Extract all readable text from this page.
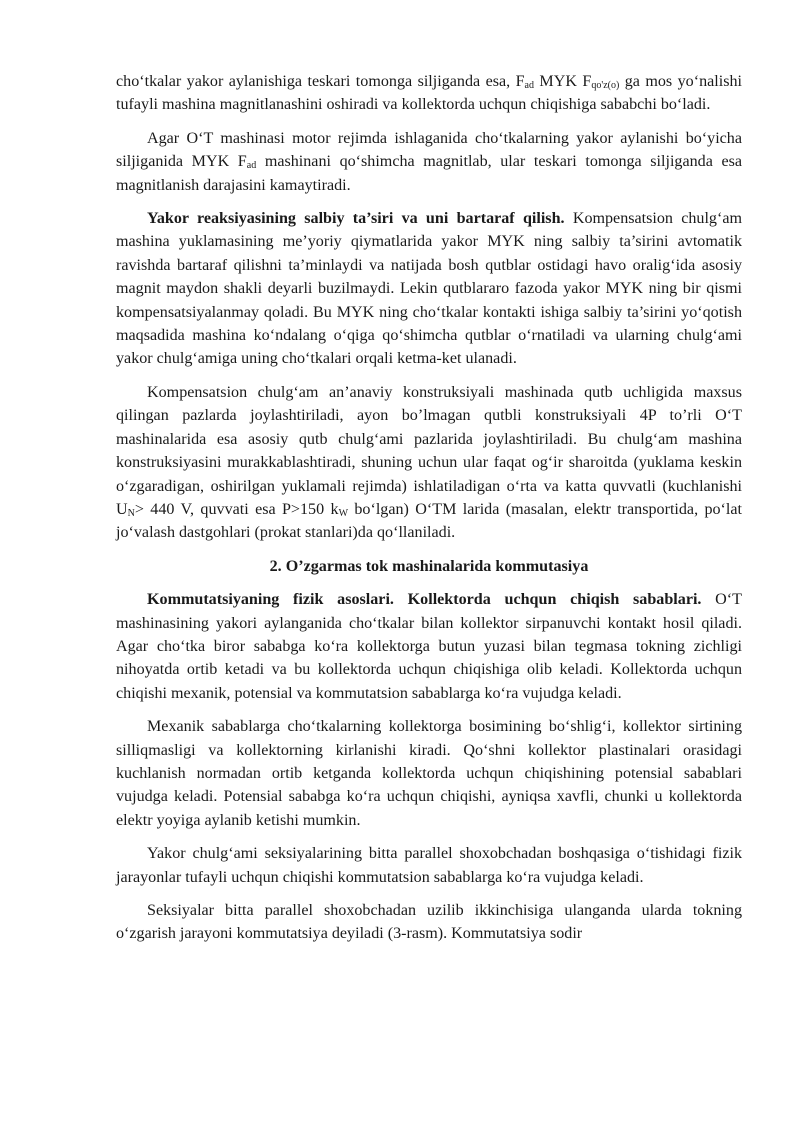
cho‘tkalar yakor aylanishiga teskari tomonga siljiganda esa, $F_{ad}$ MYK $F_{qo'z(o)}$ ga mos yo‘nalishi tufayli mashina magnitlanashini oshiradi va kollektorda uchqun chiqishiga sababchi bo‘ladi.

Agar O‘T mashinasi motor rejimda ishlaganida cho‘tkalarning yakor aylanishi bo‘yicha siljiganida MYK $F_{ad}$ mashinani qo‘shimcha magnitlab, ular teskari tomonga siljiganda esa magnitlanish darajasini kamaytiradi.

Yakor reaksiyasining salbiy ta’siri va uni bartaraf qilish. Kompensatsion chulg‘am mashina yuklamasining me’yoriy qiymatlarida yakor MYK ning salbiy ta’sirini avtomatik ravishda bartaraf qilishni ta’minlaydi va natijada bosh qutblar ostidagi havo oralig‘ida asosiy magnit maydon shakli deyarli buzilmaydi. Lekin qutblararo fazoda yakor MYK ning bir qismi kompensatsiyalanmay qoladi. Bu MYK ning cho‘tkalar kontakti ishiga salbiy ta’sirini yo‘qotish maqsadida mashina ko‘ndalang o‘qiga qo‘shimcha qutblar o‘rnatiladi va ularning chulg‘ami yakor chulg‘amiga uning cho‘tkalari orqali ketma-ket ulanadi.

Kompensatsion chulg‘am an’anaviy konstruksiyali mashinada qutb uchligida maxsus qilingan pazlarda joylashtiriladi, ayon bo’lmagan qutbli konstruksiyali 4P to’rli O‘T mashinalarida esa asosiy qutb chulg‘ami pazlarida joylashtiriladi. Bu chulg‘am mashina konstruksiyasini murakkablashtiradi, shuning uchun ular faqat og‘ir sharoitda (yuklama keskin o‘zgaradigan, oshirilgan yuklamali rejimda) ishlatiladigan o‘rta va katta quvvatli (kuchlanishi $U_N> 440$ V, quvvati esa P>150 $k_W$ bo‘lgan) O‘TM larida (masalan, elektr transportida, po‘lat jo‘valash dastgohlari (prokat stanlari)da qo‘llaniladi.

2. O’zgarmas tok mashinalarida kommutasiya

Kommutatsiyaning fizik asoslari. Kollektorda uchqun chiqish sabablari. O‘T mashinasining yakori aylanganida cho‘tkalar bilan kollektor sirpanuvchi kontakt hosil qiladi. Agar cho‘tka biror sababga ko‘ra kollektorga butun yuzasi bilan tegmasa tokning zichligi nihoyatda ortib ketadi va bu kollektorda uchqun chiqishiga olib keladi. Kollektorda uchqun chiqishi mexanik, potensial va kommutatsion sabablarga ko‘ra vujudga keladi.

Mexanik sabablarga cho‘tkalarning kollektorga bosimining bo‘shlig‘i, kollektor sirtining silliqmasligi va kollektorning kirlanishi kiradi. Qo‘shni kollektor plastinalari orasidagi kuchlanish normadan ortib ketganda kollektorda uchqun chiqishining potensial sabablari vujudga keladi. Potensial sababga ko‘ra uchqun chiqishi, ayniqsa xavfli, chunki u kollektorda elektr yoyiga aylanib ketishi mumkin.

Yakor chulg‘ami seksiyalarining bitta parallel shoxobchadan boshqasiga o‘tishidagi fizik jarayonlar tufayli uchqun chiqishi kommutatsion sabablarga ko‘ra vujudga keladi.

Seksiyalar bitta parallel shoxobchadan uzilib ikkinchisiga ulanganda ularda tokning o‘zgarish jarayoni kommutatsiya deyiladi (3-rasm). Kommutatsiya sodir
